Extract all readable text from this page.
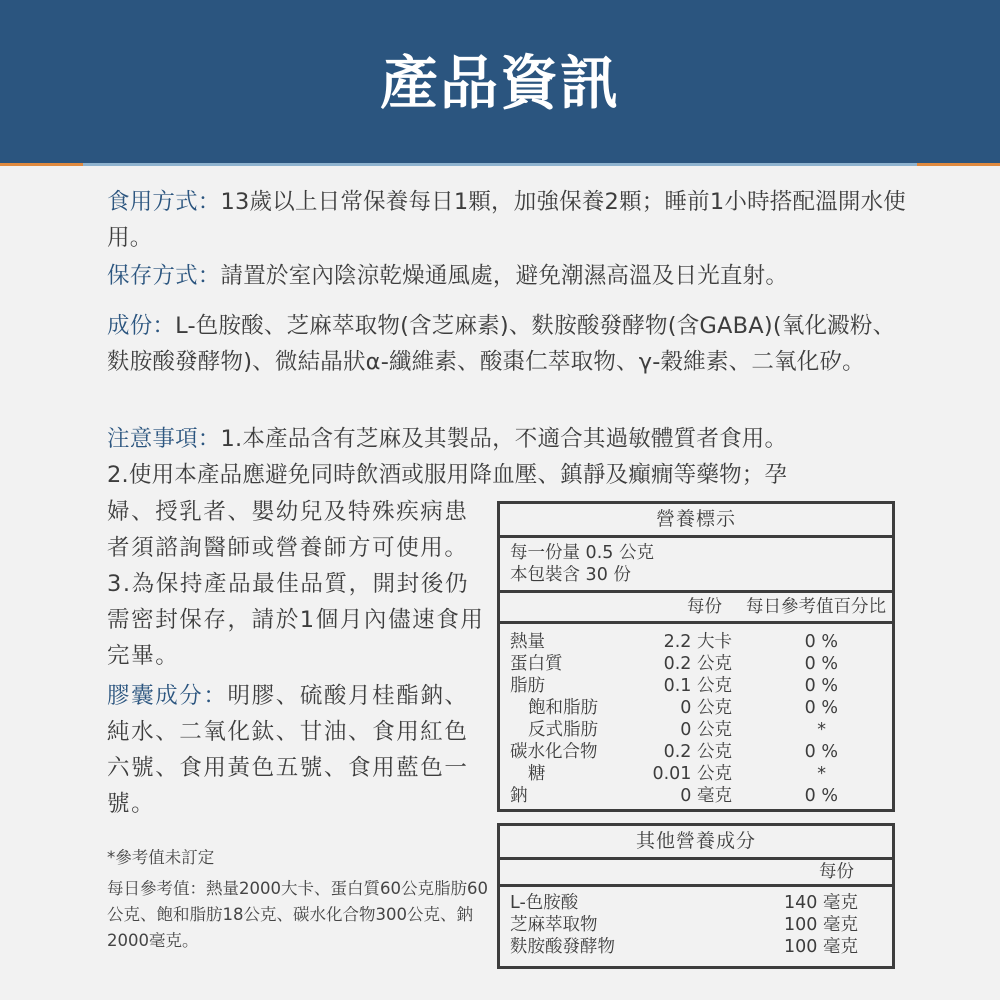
產品資訊
食用方式：13歲以上日常保養每日1顆，加強保養2顆；睡前1小時搭配溫開水使用。
保存方式：請置於室內陰涼乾燥通風處，避免潮濕高溫及日光直射。
成份：L-色胺酸、芝麻萃取物(含芝麻素)、麩胺酸發酵物(含GABA)(氧化澱粉、麩胺酸發酵物)、微結晶狀α-纖維素、酸棗仁萃取物、γ-穀維素、二氧化矽。
注意事項：1.本產品含有芝麻及其製品，不適合其過敏體質者食用。
2.使用本產品應避免同時飲酒或服用降血壓、鎮靜及癲癇等藥物；孕
婦、授乳者、嬰幼兒及特殊疾病患者須諮詢醫師或營養師方可使用。3.為保持產品最佳品質，開封後仍需密封保存，請於1個月內儘速食用完畢。
膠囊成分：明膠、硫酸月桂酯鈉、純水、二氧化鈦、甘油、食用紅色六號、食用黃色五號、食用藍色一號。
*參考值未訂定
每日參考值：熱量2000大卡、蛋白質60公克脂肪60公克、飽和脂肪18公克、碳水化合物300公克、鈉2000毫克。
營養標示
每一份量 0.5 公克
本包裝含 30 份
每份 每日參考值百分比
熱量	2.2 大卡	0 %
蛋白質	0.2 公克	0 %
脂肪	0.1 公克	0 %
飽和脂肪	0 公克	0 %
反式脂肪	0 公克	*
碳水化合物	0.2 公克	0 %
糖	0.01 公克	*
鈉	0 毫克	0 %
其他營養成分
每份
L-色胺酸	140 毫克
芝麻萃取物	100 毫克
麩胺酸發酵物	100 毫克
